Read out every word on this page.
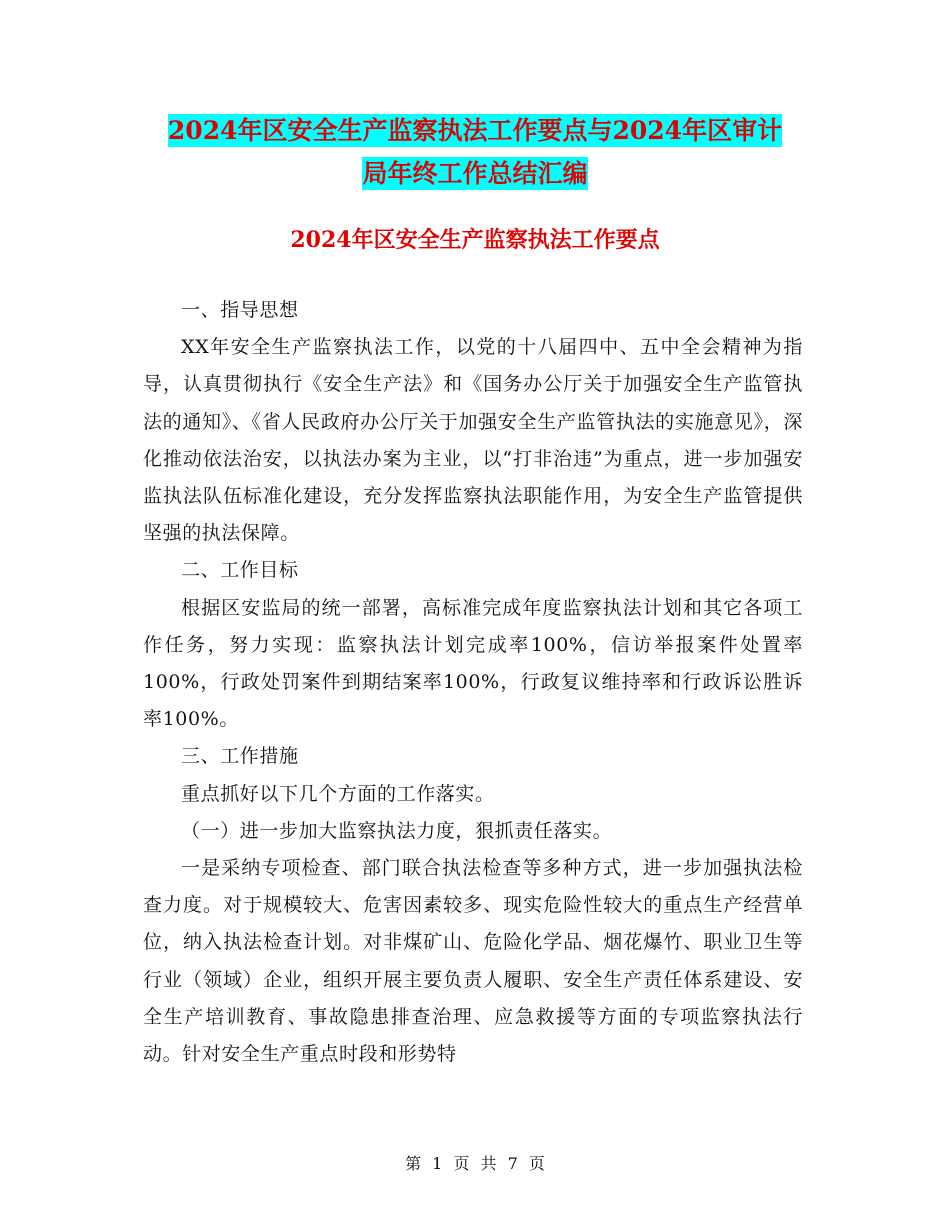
2024年区安全生产监察执法工作要点与2024年区审计
局年终工作总结汇编
2024年区安全生产监察执法工作要点

一、指导思想

XX年安全生产监察执法工作，以党的十八届四中、五中全会精神为指导，认真贯彻执行《安全生产法》和《国务办公厅关于加强安全生产监管执法的通知》、《省人民政府办公厅关于加强安全生产监管执法的实施意见》，深化推动依法治安，以执法办案为主业，以“打非治违”为重点，进一步加强安监执法队伍标准化建设，充分发挥监察执法职能作用，为安全生产监管提供坚强的执法保障。

二、工作目标

根据区安监局的统一部署，高标准完成年度监察执法计划和其它各项工作任务，努力实现：监察执法计划完成率100%，信访举报案件处置率100%，行政处罚案件到期结案率100%，行政复议维持率和行政诉讼胜诉率100%。

三、工作措施

重点抓好以下几个方面的工作落实。

（一）进一步加大监察执法力度，狠抓责任落实。

一是采纳专项检查、部门联合执法检查等多种方式，进一步加强执法检查力度。对于规模较大、危害因素较多、现实危险性较大的重点生产经营单位，纳入执法检查计划。对非煤矿山、危险化学品、烟花爆竹、职业卫生等行业（领域）企业，组织开展主要负责人履职、安全生产责任体系建设、安全生产培训教育、事故隐患排查治理、应急救援等方面的专项监察执法行动。针对安全生产重点时段和形势特

第 1 页 共 7 页
